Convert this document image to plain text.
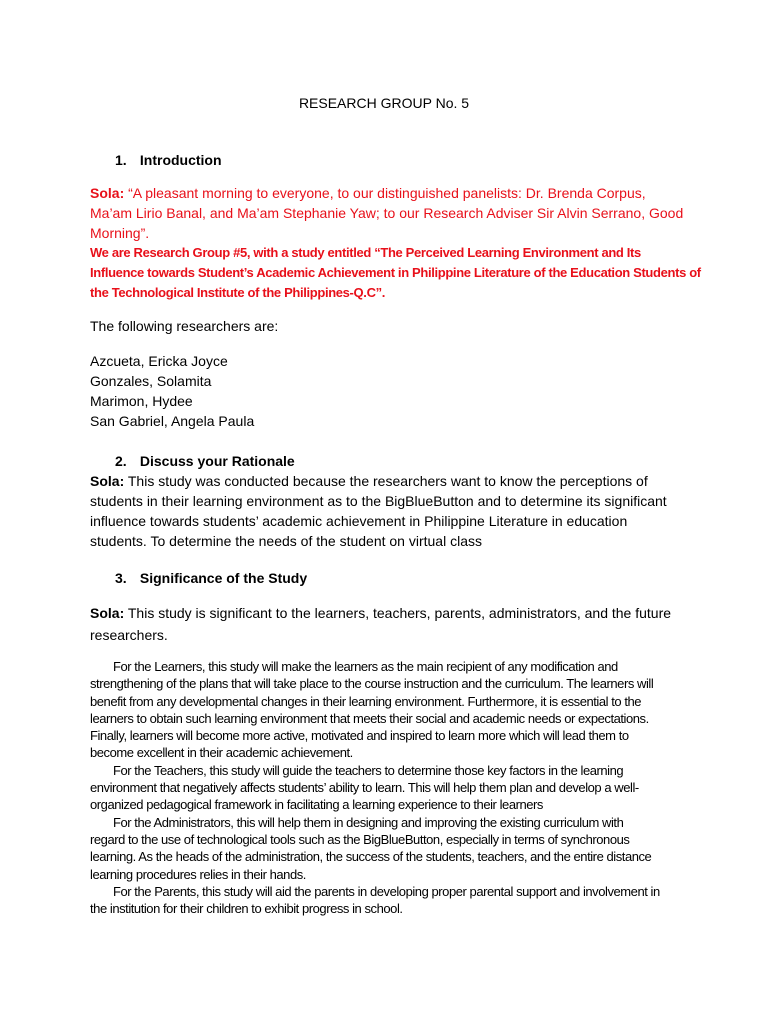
RESEARCH GROUP No. 5
1. Introduction
Sola: “A pleasant morning to everyone, to our distinguished panelists: Dr. Brenda Corpus,
Ma’am Lirio Banal, and Ma’am Stephanie Yaw; to our Research Adviser Sir Alvin Serrano, Good
Morning”.
We are Research Group #5, with a study entitled “The Perceived Learning Environment and Its
Influence towards Student’s Academic Achievement in Philippine Literature of the Education Students of
the Technological Institute of the Philippines-Q.C”.
The following researchers are:
Azcueta, Ericka Joyce
Gonzales, Solamita
Marimon, Hydee
San Gabriel, Angela Paula
2. Discuss your Rationale
Sola: This study was conducted because the researchers want to know the perceptions of
students in their learning environment as to the BigBlueButton and to determine its significant
influence towards students’ academic achievement in Philippine Literature in education
students. To determine the needs of the student on virtual class
3. Significance of the Study
Sola: This study is significant to the learners, teachers, parents, administrators, and the future
researchers.

For the Learners, this study will make the learners as the main recipient of any modification and
strengthening of the plans that will take place to the course instruction and the curriculum. The learners will
benefit from any developmental changes in their learning environment. Furthermore, it is essential to the
learners to obtain such learning environment that meets their social and academic needs or expectations.
Finally, learners will become more active, motivated and inspired to learn more which will lead them to
become excellent in their academic achievement.

For the Teachers, this study will guide the teachers to determine those key factors in the learning
environment that negatively affects students’ ability to learn. This will help them plan and develop a well-
organized pedagogical framework in facilitating a learning experience to their learners

For the Administrators, this will help them in designing and improving the existing curriculum with
regard to the use of technological tools such as the BigBlueButton, especially in terms of synchronous
learning. As the heads of the administration, the success of the students, teachers, and the entire distance
learning procedures relies in their hands.

For the Parents, this study will aid the parents in developing proper parental support and involvement in
the institution for their children to exhibit progress in school.
